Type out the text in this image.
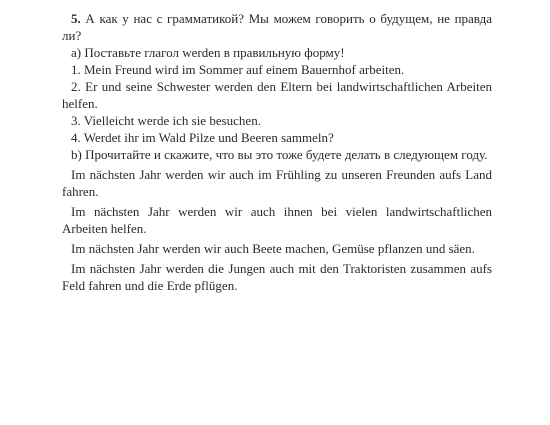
5. А как у нас с грамматикой? Мы можем говорить о будущем, не правда ли?

а) Поставьте глагол werden в правильную форму!

1. Mein Freund wird im Sommer auf einem Bauernhof arbeiten.

2. Er und seine Schwester werden den Eltern bei landwirtschaftlichen Arbeiten helfen.

3. Vielleicht werde ich sie besuchen.

4. Werdet ihr im Wald Pilze und Beeren sammeln?

b) Прочитайте и скажите, что вы это тоже будете делать в следующем году.

Im nächsten Jahr werden wir auch im Frühling zu unseren Freunden aufs Land fahren.

Im nächsten Jahr werden wir auch ihnen bei vielen landwirtschaftlichen Arbeiten helfen.

Im nächsten Jahr werden wir auch Beete machen, Gemüse pflanzen und säen.

Im nächsten Jahr werden die Jungen auch mit den Traktoristen zusammen aufs Feld fahren und die Erde pflügen.
